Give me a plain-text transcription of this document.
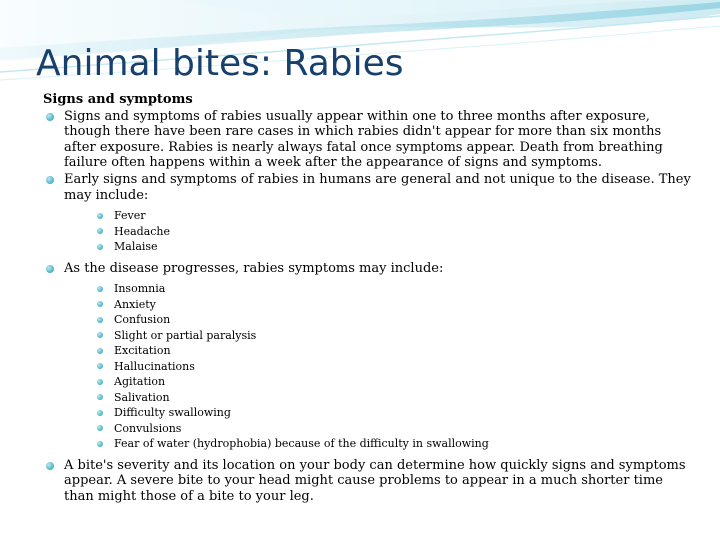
Animal bites: Rabies

Signs and symptoms

Signs and symptoms of rabies usually appear within one to three months after exposure, though there have been rare cases in which rabies didn't appear for more than six months after exposure. Rabies is nearly always fatal once symptoms appear. Death from breathing failure often happens within a week after the appearance of signs and symptoms.
Early signs and symptoms of rabies in humans are general and not unique to the disease. They may include:
Fever
Headache
Malaise
As the disease progresses, rabies symptoms may include:
Insomnia
Anxiety
Confusion
Slight or partial paralysis
Excitation
Hallucinations
Agitation
Salivation
Difficulty swallowing
Convulsions
Fear of water (hydrophobia) because of the difficulty in swallowing
A bite's severity and its location on your body can determine how quickly signs and symptoms appear. A severe bite to your head might cause problems to appear in a much shorter time than might those of a bite to your leg.
